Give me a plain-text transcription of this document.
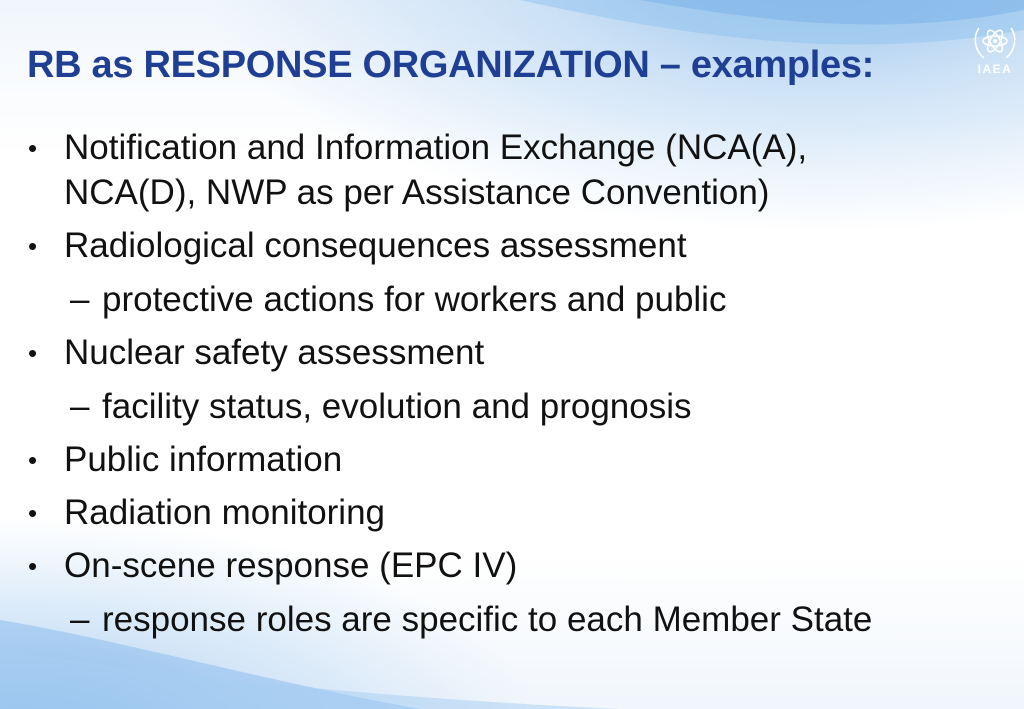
RB as RESPONSE ORGANIZATION – examples:	IAEA
• Notification and Information Exchange (NCA(A),
NCA(D), NWP as per Assistance Convention)
• Radiological consequences assessment
– protective actions for workers and public
• Nuclear safety assessment
– facility status, evolution and prognosis
• Public information
• Radiation monitoring
• On-scene response (EPC IV)
– response roles are specific to each Member State
